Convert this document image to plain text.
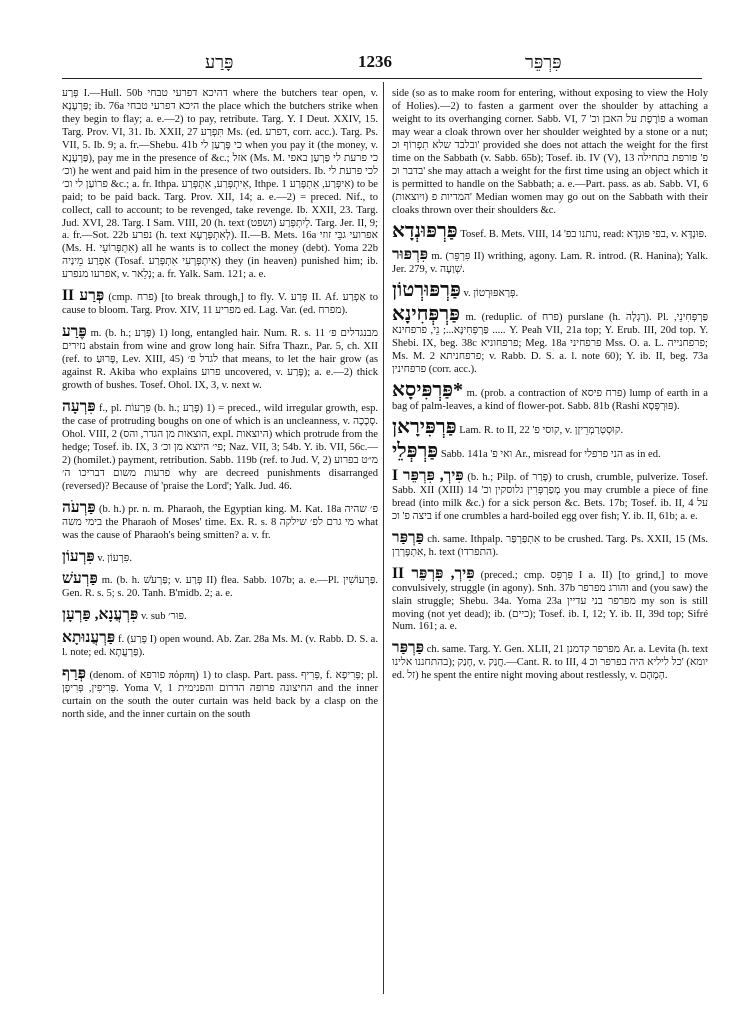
פָּרַע	1236	פִּרְפֵּר

פְּרַע I.—Hull. 50b דהיכא דפרעי טבחי where the butchers tear open, v. פַּרְעָנָא; ib. 76a היכא דפרעי טבחי the place which the butchers strike when they begin to flay; a. e.—2) to pay, retribute. Targ. Y. I Deut. XXIV, 15. Targ. Prov. VI, 31. Ib. XXII, 27 תִּפְרַע Ms. (ed. דפרע, corr. acc.). Targ. Ps. VII, 5. Ib. 9; a. fr.—Shebu. 41b כי פָּרְעַן לי when you pay it (the money, v. פַּרְעָנָא), pay me in the presence of &c.; אזל (Ms. M. כי פרעת לי פַּרְעַן באפי וכ׳) he went and paid him in the presence of two outsiders. Ib. לכי פרעת לי פרוֹעַן לי וכ׳ &c.; a. fr. Ithpa. אִיתְפְּרַע, אִתְפְּרַע, Ithpe. אִיפְּרַע, אִתְפָּרַע 1) to be paid; to be paid back. Targ. Prov. XII, 14; a. e.—2) = preced. Nif., to collect, call to account; to be revenged, take revenge. Ib. XXII, 23. Targ. Jud. XVI, 28. Targ. I Sam. VIII, 20 (h. text לְיִתְפְּרַע (ושפט). Targ. Jer. II, 9; a. fr.—Sot. 22b נפרע (h. text לְאִתְפְּרָעָא). II.—B. Mets. 16a אפרועי גבֵּי זוזי (Ms. H. אִתְפְּרוֹעֵי) all he wants is to collect the money (debt). Yoma 22b אִפְרַע מֵינַיה (Tosaf. אִיתְפְּרְעִי אִתְפְּרַע) they (in heaven) punished him; ib. אפרעו מנפרע, v. נְלֵאר; a. fr. Yalk. Sam. 121; a. e.

פְּרַע II (cmp. פרח) [to break through,] to fly. V. פְּרַע II. Af. אַפְרַע to cause to bloom. Targ. Prov. XIV, 11 מפריע ed. Lag. Var. (ed. מפרח).

פֶּרַע m. (b. h.; פָּרַע) 1) long, entangled hair. Num. R. s. 11 מבנגדלים פ׳ נזירים abstain from wine and grow long hair. Sifra Thazr., Par. 5, ch. XII (ref. to פָּרוּעַ, Lev. XIII, 45) לגדל פ׳ that means, to let the hair grow (as against R. Akiba who explains פרוע uncovered, v. פָּרַע); a. e.—2) thick growth of bushes. Tosef. Ohol. IX, 3, v. next w.

פִּרְעָה f., pl. פִּרְעוֹת (b. h.; פָּרַע) 1) = preced., wild irregular growth, esp. the case of protruding boughs on one of which is an uncleanness, v. סְכָכָה. Ohol. VIII, 2 (הוצאות מן הגדר, והס, expl. היוצאות) which protrude from the hedge; Tosef. ib. IX, 3 פי׳ היוצא מן וכ׳; Naz. VII, 3; 54b. Y. ib. VII, 56c.—2) (homilet.) payment, retribution. Sabb. 119b (ref. to Jud. V, 2) מ״ט בפרוע פרעות משום דבריכו ה׳ why are decreed punishments disarranged (reversed)? Because of 'praise the Lord'; Yalk. Jud. 46.

פַּרְעֹה (b. h.) pr. n. m. Pharaoh, the Egyptian king. M. Kat. 18a פ׳ שהיה בימי משה the Pharaoh of Moses' time. Ex. R. s. 8 מי גרם לפ׳ שילקה what was the cause of Pharaoh's being smitten? a. v. fr.

פִּרְעוֹן v. פִּרְעוֹן.

פַּרְעשׁ m. (b. h. פַּרְעֹשׁ; v. פְּרַע II) flea. Sabb. 107b; a. e.—Pl. פַּרְעוֹשִׁין. Gen. R. s. 5; s. 20. Tanh. B'midb. 2; a. e.

פִּרְעֲנָא, פַּרְעָן v. sub פּוּר׳.

פַּרְעֲנוּתָא f. (פְּרַע I) open wound. Ab. Zar. 28a Ms. M. (v. Rabb. D. S. a. l. note; ed. פַּרְעֲתָא).

פְּרַף (denom. of פורפא πόρπη) 1) to clasp. Part. pass. פְּרִיף, f. פְּרִיפָא; pl. פְּרִיפִין, פְּרִיפָן. Yoma V, 1 החיצונה פרופה הדרום והפנימית and the inner curtain on the south the outer curtain was held back by a clasp on the north side, and the inner curtain on the south

side (so as to make room for entering, without exposing to view the Holy of Holies).—2) to fasten a garment over the shoulder by attaching a weight to its overhanging corner. Sabb. VI, 7 'פוֹרֶפֶת על האבן וכ a woman may wear a cloak thrown over her shoulder weighted by a stone or a nut; ובלבד שלא תִפְרוֹף וכ' provided she does not attach the weight for the first time on the Sabbath (v. Sabb. 65b); Tosef. ib. IV (V), 13 פ' פורפת בתחילה בדבר וכ' she may attach a weight for the first time using an object which it is permitted to handle on the Sabbath; a. e.—Part. pass. as ab. Sabb. VI, 6 (ויוצאות) המדיות פ' Median women may go out on the Sabbath with their cloaks thrown over their shoulders &c.

פַּרְפּוּנְדָא Tosef. B. Mets. VIII, 14 'נותנו בפ, read: בפי פּוּנְדָּא, v. פּוּנְדָּא.

פִּרְפּוּר m. (פִּרְפֵּר II) writhing, agony. Lam. R. introd. (R. Hanina); Yalk. Jer. 279, v. שְׁוַעָה.

פַּרְפּוּרְטוֹן v. פְּרַאפּוּרְטוֹן.

פַּרְפְּחִינָא m. (reduplic. of פרח) purslane (h. רַגְלָה). Pl. פַּרְפְּחִינֵי, פַּרְפְּחִינָּא...; נֵי, פרפחינא ..... Y. Peah VII, 21a top; Y. Erub. III, 20d top. Y. Shebi. IX, beg. 38c פרפחוניא; Meg. 18a פרפחיני Mss. O. a. L. פרפחנייה; Ms. M. 2 פרפחניתא; v. Rabb. D. S. a. l. note 60); Y. ib. II, beg. 73a פרפחינין (corr. acc.).

*פַּרְפִּיסָא m. (prob. a contraction of פרח פיסא) lump of earth in a bag of palm-leaves, a kind of flower-pot. Sabb. 81b (Rashi פּוּרְפְּסָא).

פַּרְפִּירָאן Lam. R. to II, 22 'קוסי פ, v. קוּסְטְרַמְרֵיזָן.

פַּרְפְּלֵי Sabb. 141a 'ואי פ Ar., misread for הני פרפלי as in ed.

פִּירְ, פִּרְפֵּר I (b. h.; Pilp. of פָּרַר) to crush, crumble, pulverize. Tosef. Sabb. XII (XIII) 14 'מְפַרְפְּרִין גלוסקין וכ you may crumble a piece of fine bread (into milk &c.) for a sick person &c. Bets. 17b; Tosef. ib. II, 4 על ביצה פ' וכ if one crumbles a hard-boiled egg over fish; Y. ib. II, 61b; a. e.

פַּרְפַּר ch. same. Ithpalp. אִתְפַּרְפַּר to be crushed. Targ. Ps. XXII, 15 (Ms. אִתְפָּרְרַן, h. text (התפרדו).

פִּירְ, פִּרְפֵּר II (preced.; cmp. פִּרְפֵּס I a. II) [to grind,] to move convulsively, struggle (in agony). Snh. 37b והורג מפרפר and (you saw) the slain struggle; Shebu. 34a. Yoma 23a מפרפר בני עדיין my son is still moving (not yet dead); ib. (כיים); Tosef. ib. I, 12; Y. ib. II, 39d top; Sifré Num. 161; a. e.

פַּרְפַּר ch. same. Targ. Y. Gen. XLII, 21 מפרפר קדמנן Ar. a. Levita (h. text בהתחננו אלינו); חָנַק, v. חֲנַק.—Cant. R. to III, 4 כל ליליא היה בפרפר וכ' (יומא ed. זל) he spent the entire night moving about restlessly, v. הָמְהָם.
